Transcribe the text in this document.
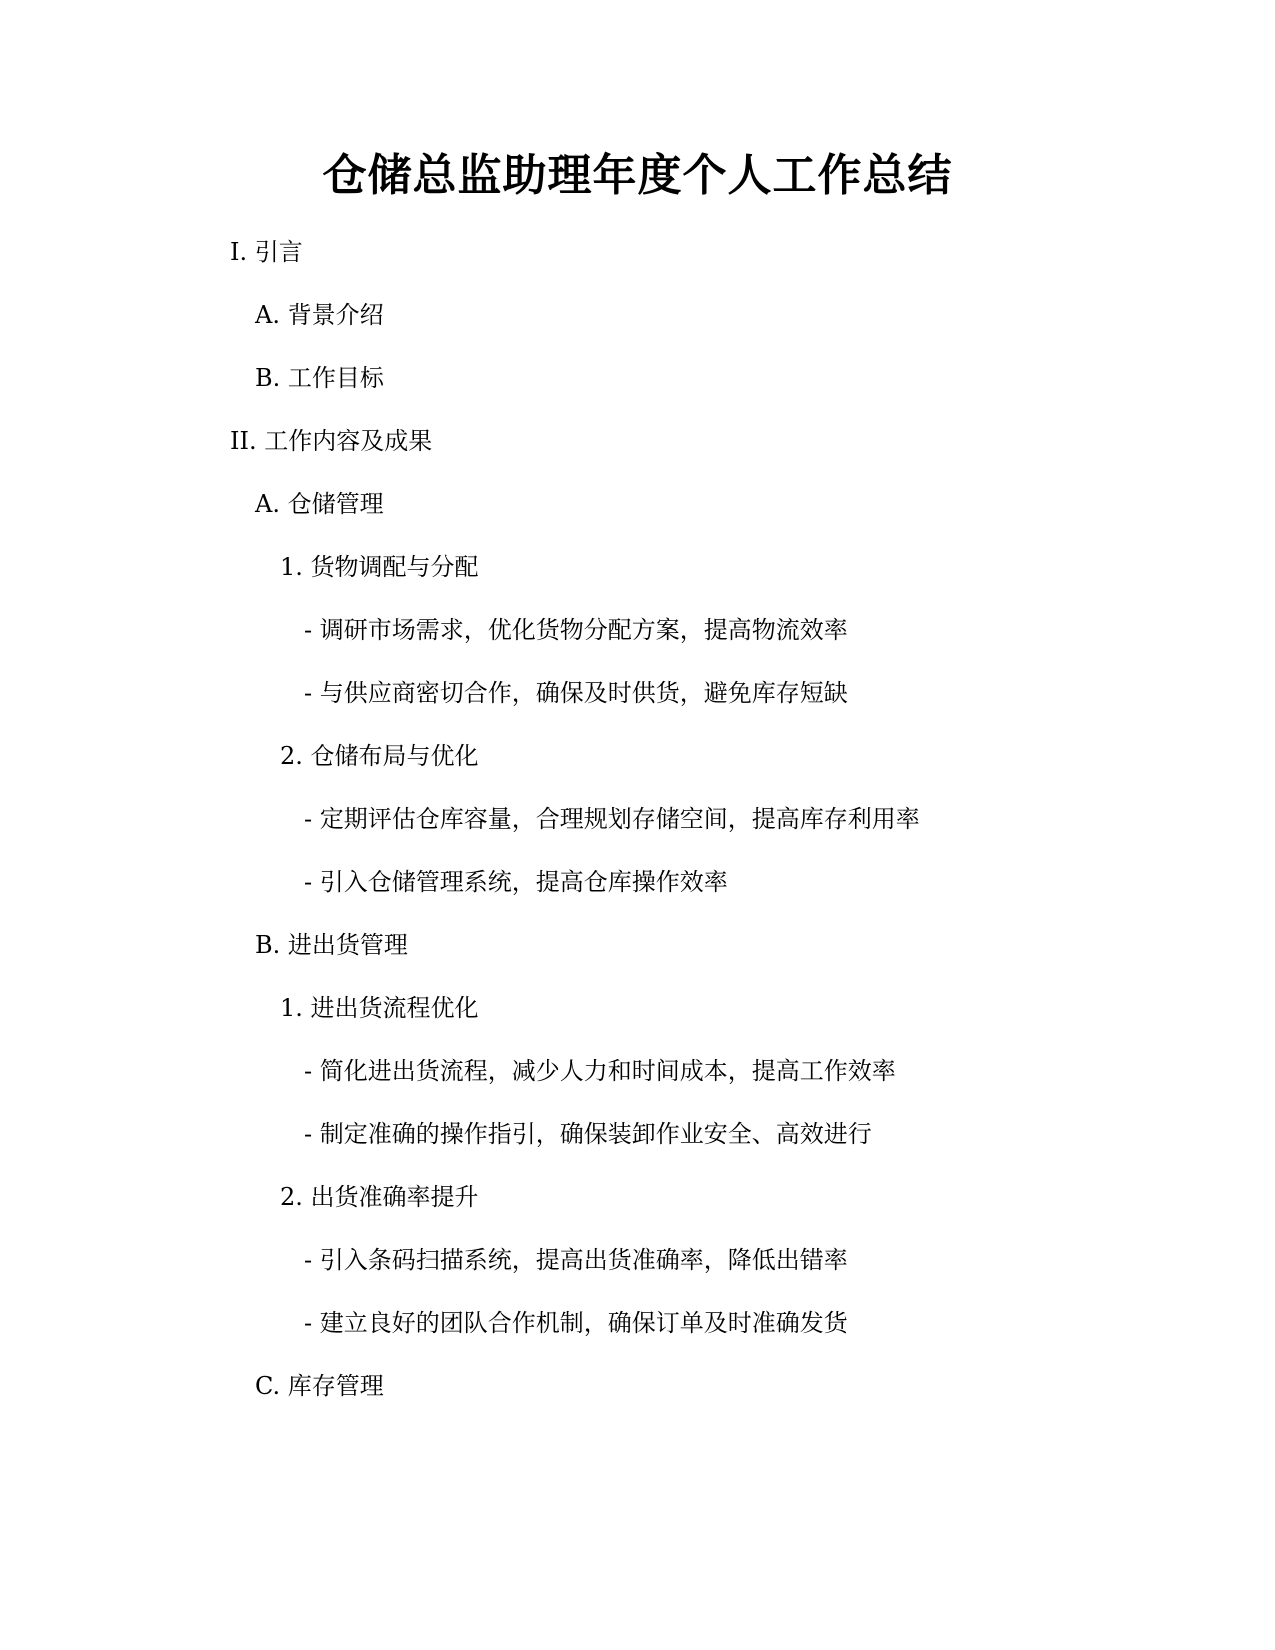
仓储总监助理年度个人工作总结
I. 引言
A. 背景介绍
B. 工作目标
II. 工作内容及成果
A. 仓储管理
1. 货物调配与分配
- 调研市场需求，优化货物分配方案，提高物流效率
- 与供应商密切合作，确保及时供货，避免库存短缺
2. 仓储布局与优化
- 定期评估仓库容量，合理规划存储空间，提高库存利用率
- 引入仓储管理系统，提高仓库操作效率
B. 进出货管理
1. 进出货流程优化
- 简化进出货流程，减少人力和时间成本，提高工作效率
- 制定准确的操作指引，确保装卸作业安全、高效进行
2. 出货准确率提升
- 引入条码扫描系统，提高出货准确率，降低出错率
- 建立良好的团队合作机制，确保订单及时准确发货
C. 库存管理
